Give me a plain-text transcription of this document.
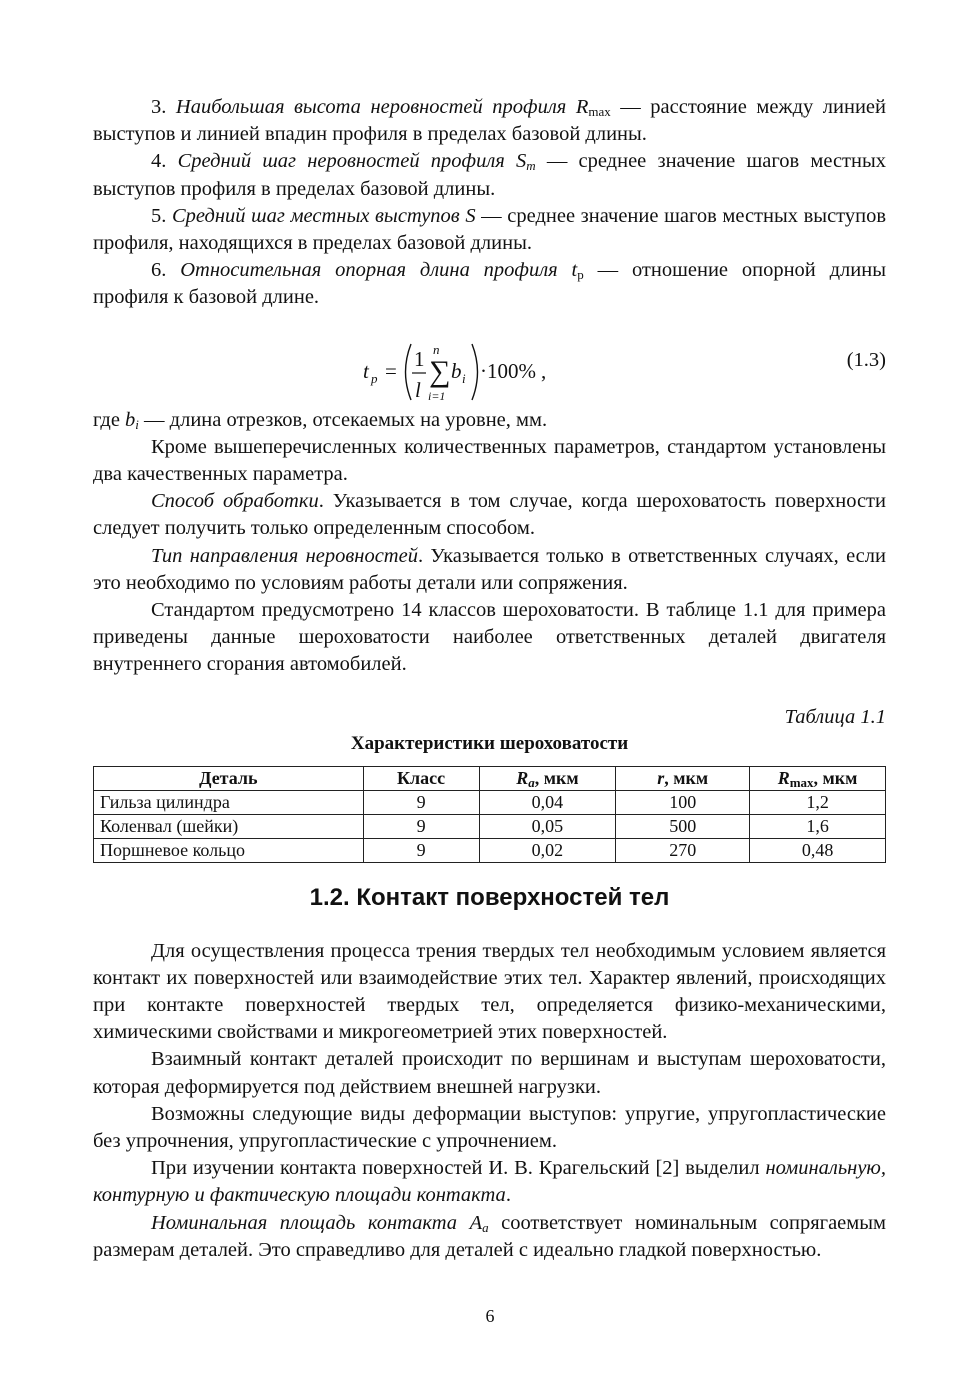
3. Наибольшая высота неровностей профиля $R_{max}$ — расстояние между линией выступов и линией впадин профиля в пределах базовой длины.

4. Средний шаг неровностей профиля $S_m$ — среднее значение шагов местных выступов профиля в пределах базовой длины.

5. Средний шаг местных выступов S — среднее значение шагов местных выступов профиля, находящихся в пределах базовой длины.

6. Относительная опорная длина профиля $t_p$ — отношение опорной длины профиля к базовой длине.

t p = 1
l
n
∑
i=1
b i ·100% ,	(1.3)

где $b_i$ — длина отрезков, отсекаемых на уровне, мм.

Кроме вышеперечисленных количественных параметров, стандартом установлены два качественных параметра.

Способ обработки. Указывается в том случае, когда шероховатость поверхности следует получить только определенным способом.

Тип направления неровностей. Указывается только в ответственных случаях, если это необходимо по условиям работы детали или сопряжения.

Стандартом предусмотрено 14 классов шероховатости. В таблице 1.1 для примера приведены данные шероховатости наиболее ответственных деталей двигателя внутреннего сгорания автомобилей.

Таблица 1.1
Характеристики шероховатости
Деталь	Класс	$R_a$, мкм	r, мкм	$R_{max}$, мкм
Гильза цилиндра	9	0,04	100	1,2
Коленвал (шейки)	9	0,05	500	1,6
Поршневое кольцо	9	0,02	270	0,48
1.2. Контакт поверхностей тел

Для осуществления процесса трения твердых тел необходимым условием является контакт их поверхностей или взаимодействие этих тел. Характер явлений, происходящих при контакте поверхностей твердых тел, определяется физико-механическими, химическими свойствами и микрогеометрией этих поверхностей.

Взаимный контакт деталей происходит по вершинам и выступам шероховатости, которая деформируется под действием внешней нагрузки.

Возможны следующие виды деформации выступов: упругие, упругопластические без упрочнения, упругопластические с упрочнением.

При изучении контакта поверхностей И. В. Крагельский [2] выделил номинальную, контурную и фактическую площади контакта.

Номинальная площадь контакта $A_a$ соответствует номинальным сопрягаемым размерам деталей. Это справедливо для деталей с идеально гладкой поверхностью.

6
